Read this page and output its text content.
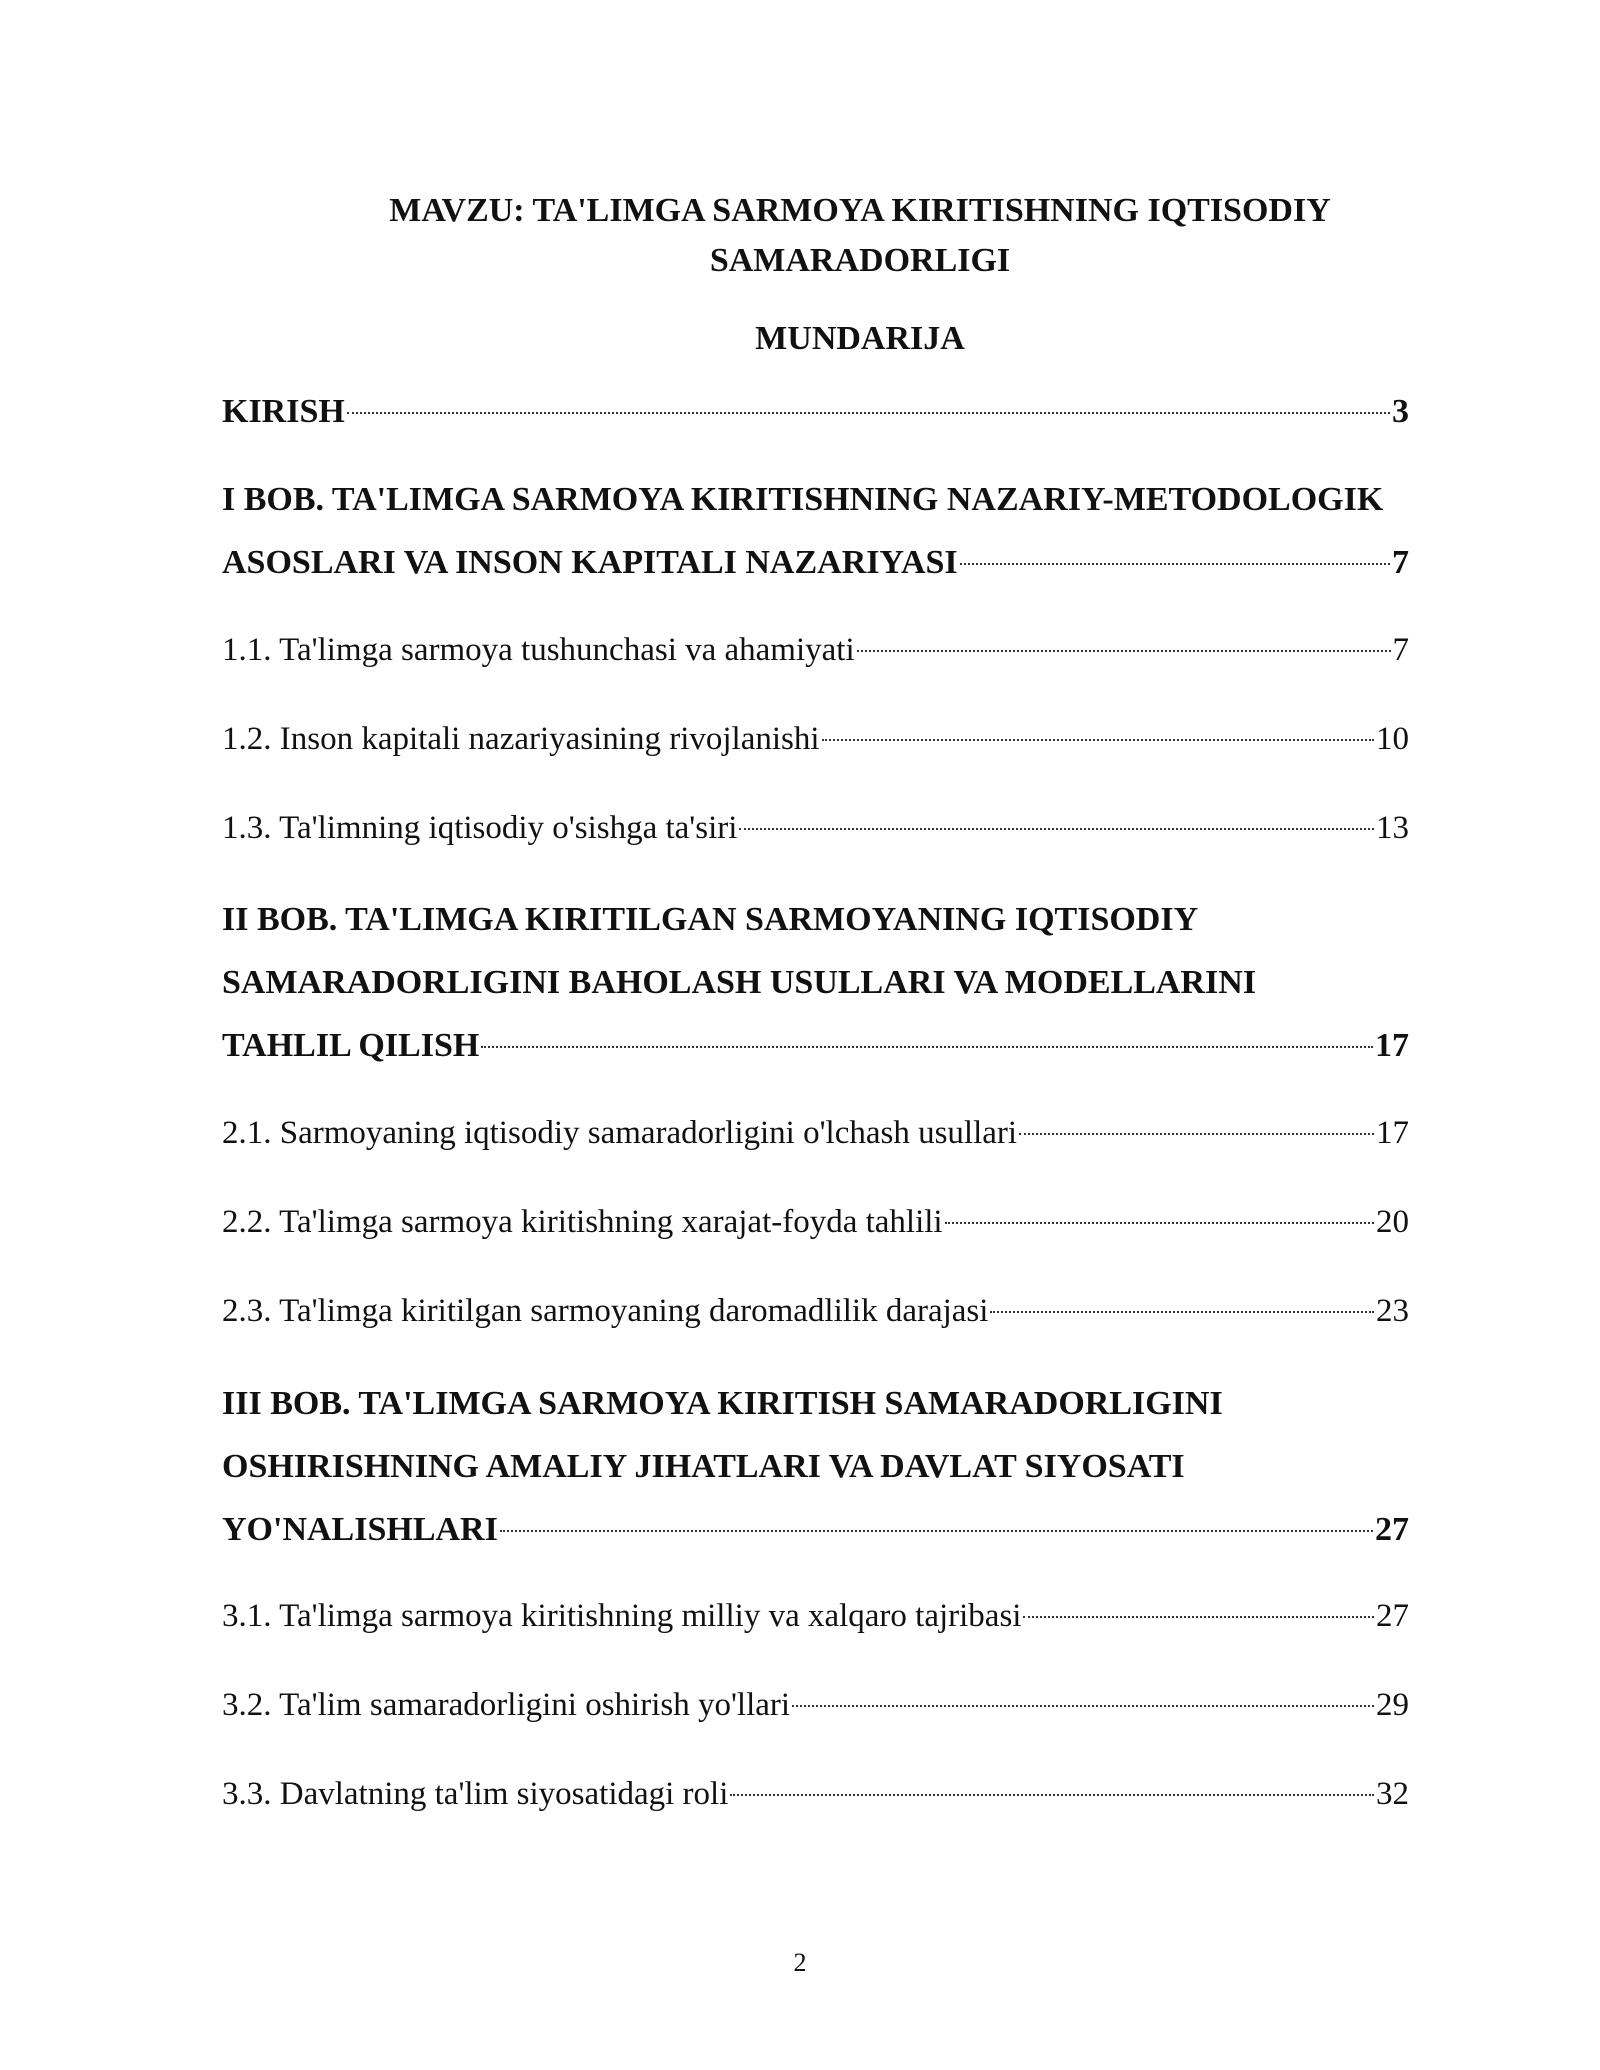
MAVZU: TA'LIMGA SARMOYA KIRITISHNING IQTISODIY
SAMARADORLIGI
MUNDARIJA
KIRISH	3
I BOB. TA'LIMGA SARMOYA KIRITISHNING NAZARIY-METODOLOGIK
ASOSLARI VA INSON KAPITALI NAZARIYASI	7
1.1. Ta'limga sarmoya tushunchasi va ahamiyati	7
1.2. Inson kapitali nazariyasining rivojlanishi	10
1.3. Ta'limning iqtisodiy o'sishga ta'siri	13
II BOB. TA'LIMGA KIRITILGAN SARMOYANING IQTISODIY
SAMARADORLIGINI BAHOLASH USULLARI VA MODELLARINI
TAHLIL QILISH	17
2.1. Sarmoyaning iqtisodiy samaradorligini o'lchash usullari	17
2.2. Ta'limga sarmoya kiritishning xarajat-foyda tahlili	20
2.3. Ta'limga kiritilgan sarmoyaning daromadlilik darajasi	23
III BOB. TA'LIMGA SARMOYA KIRITISH SAMARADORLIGINI
OSHIRISHNING AMALIY JIHATLARI VA DAVLAT SIYOSATI
YO'NALISHLARI	27
3.1. Ta'limga sarmoya kiritishning milliy va xalqaro tajribasi	27
3.2. Ta'lim samaradorligini oshirish yo'llari	29
3.3. Davlatning ta'lim siyosatidagi roli	32
2
